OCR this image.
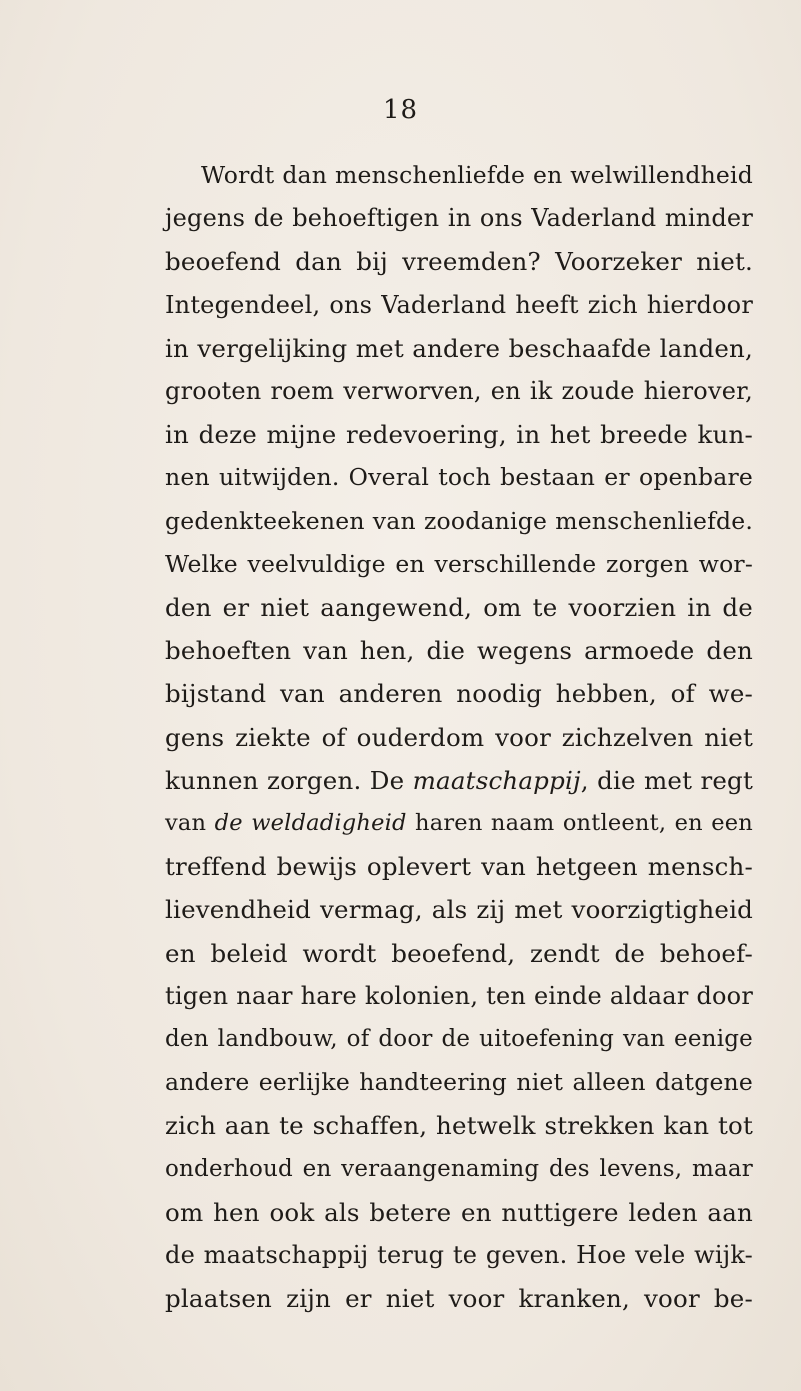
18
Wordt dan menschenliefde en welwillendheid
jegens de behoeftigen in ons Vaderland minder
beoefend dan bij vreemden? Voorzeker niet.
Integendeel, ons Vaderland heeft zich hierdoor
in vergelijking met andere beschaafde landen,
grooten roem verworven, en ik zoude hierover,
in deze mijne redevoering, in het breede kun-
nen uitwijden. Overal toch bestaan er openbare
gedenkteekenen van zoodanige menschenliefde.
Welke veelvuldige en verschillende zorgen wor-
den er niet aangewend, om te voorzien in de
behoeften van hen, die wegens armoede den
bijstand van anderen noodig hebben, of we-
gens ziekte of ouderdom voor zichzelven niet
kunnen zorgen. De maatschappij, die met regt
van de weldadigheid haren naam ontleent, en een
treffend bewijs oplevert van hetgeen mensch-
lievendheid vermag, als zij met voorzigtigheid
en beleid wordt beoefend, zendt de behoef-
tigen naar hare kolonien, ten einde aldaar door
den landbouw, of door de uitoefening van eenige
andere eerlijke handteering niet alleen datgene
zich aan te schaffen, hetwelk strekken kan tot
onderhoud en veraangenaming des levens, maar
om hen ook als betere en nuttigere leden aan
de maatschappij terug te geven. Hoe vele wijk-
plaatsen zijn er niet voor kranken, voor be-
